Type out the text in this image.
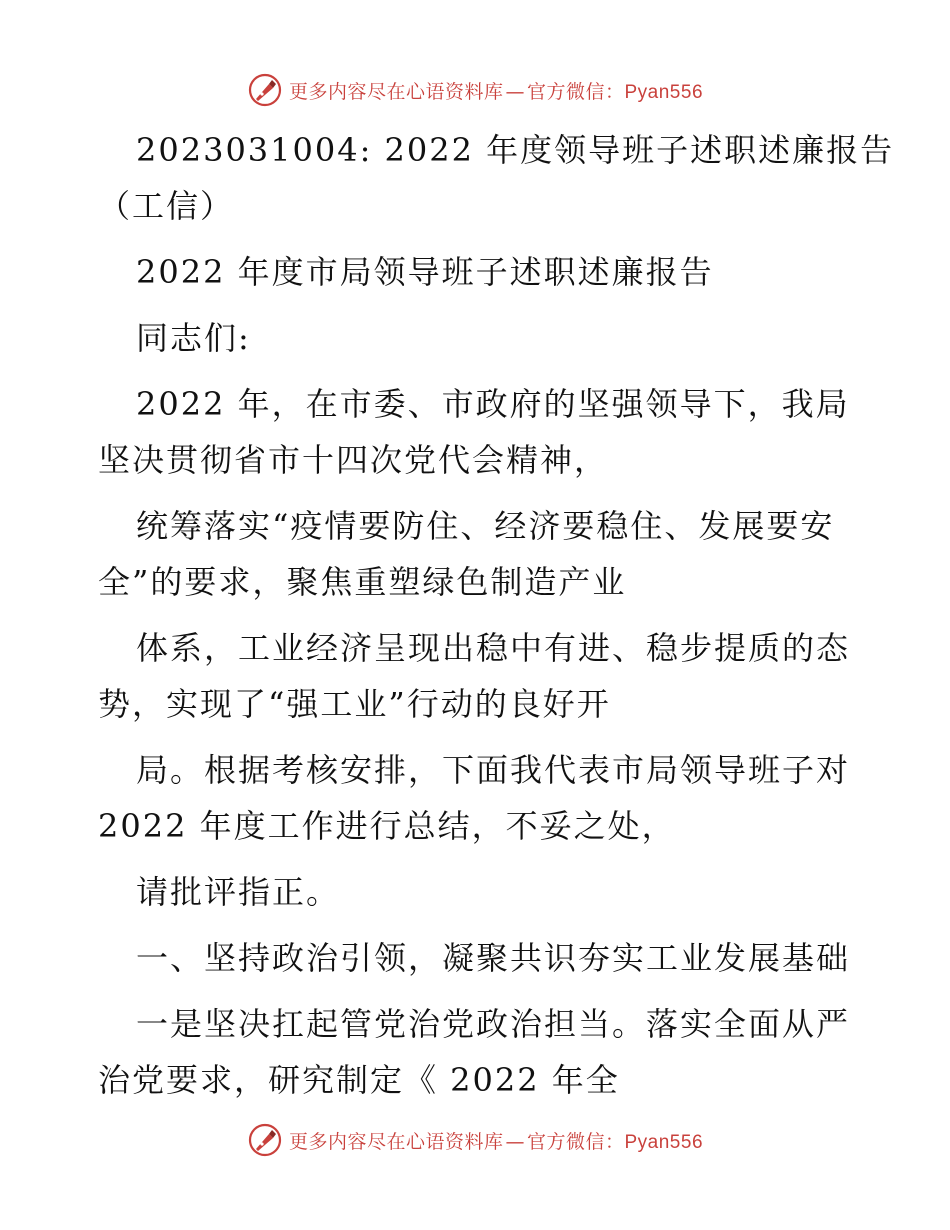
更多内容尽在心语资料库 — 官方微信：Pyan556
2023031004: 2022 年度领导班子述职述廉报告
（工信）
2022 年度市局领导班子述职述廉报告
同志们:
2022 年，在市委、市政府的坚强领导下，我局
坚决贯彻省市十四次党代会精神，
统筹落实“疫情要防住、经济要稳住、发展要安
全”的要求，聚焦重塑绿色制造产业
体系，工业经济呈现出稳中有进、稳步提质的态
势，实现了“强工业”行动的良好开
局。根据考核安排，下面我代表市局领导班子对
2022 年度工作进行总结，不妥之处，
请批评指正。
一、坚持政治引领，凝聚共识夯实工业发展基础
一是坚决扛起管党治党政治担当。落实全面从严
治党要求，研究制定《 2022 年全
更多内容尽在心语资料库 — 官方微信：Pyan556
